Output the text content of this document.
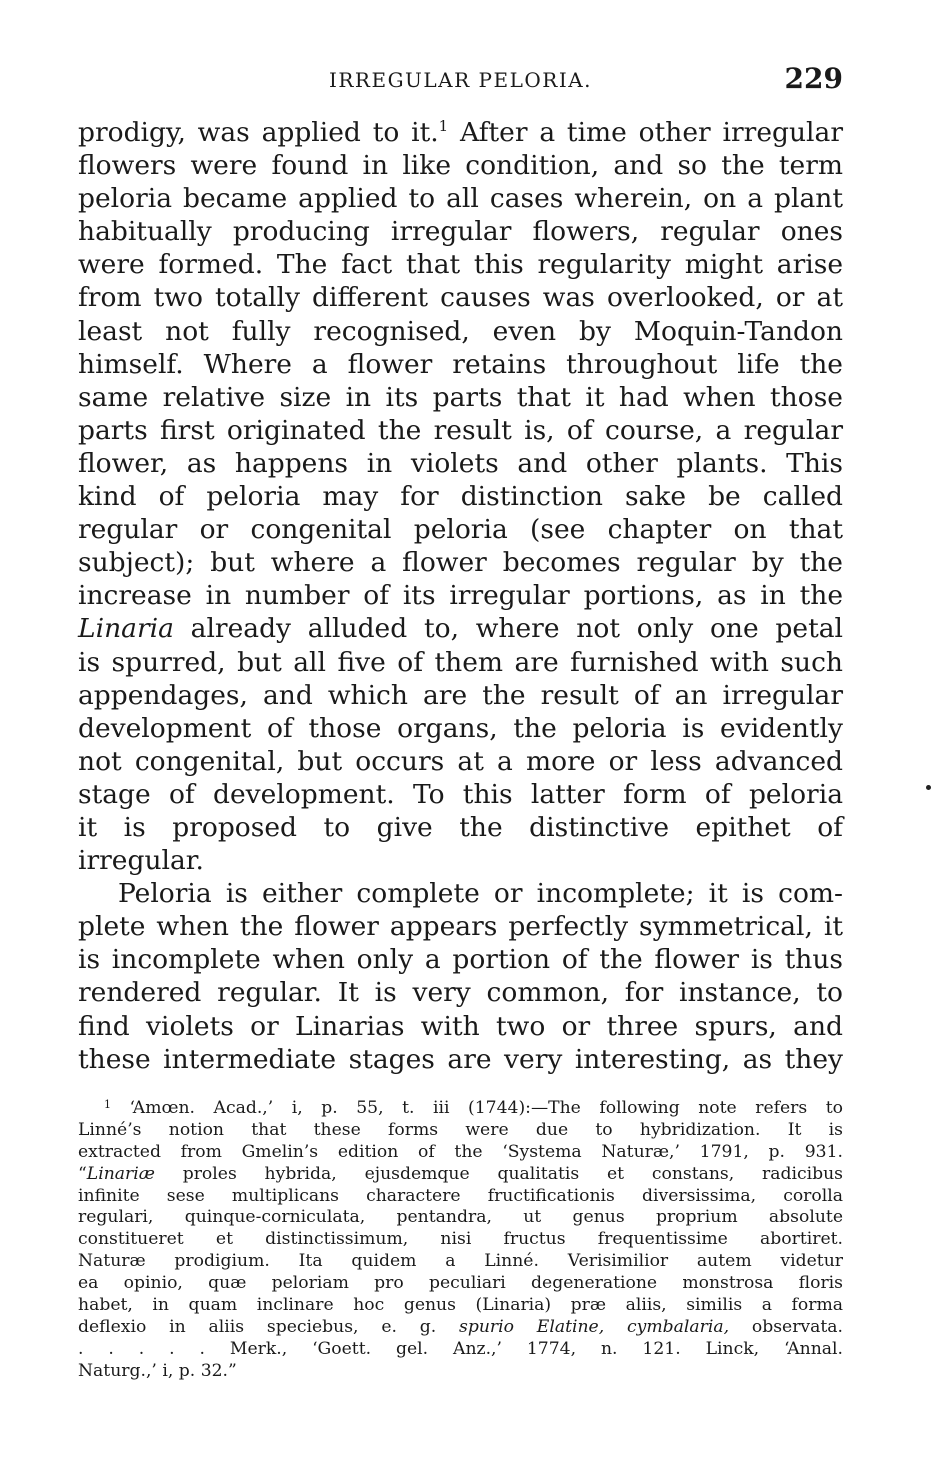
IRREGULAR PELORIA.	229
prodigy, was applied to it.$^1$ After a time other irregular
flowers were found in like condition, and so the term
peloria became applied to all cases wherein, on a plant
habitually producing irregular flowers, regular ones
were formed. The fact that this regularity might arise
from two totally different causes was overlooked, or at
least not fully recognised, even by Moquin-Tandon
himself. Where a flower retains throughout life the
same relative size in its parts that it had when those
parts first originated the result is, of course, a regular
flower, as happens in violets and other plants. This
kind of peloria may for distinction sake be called
regular or congenital peloria (see chapter on that
subject); but where a flower becomes regular by the
increase in number of its irregular portions, as in the
Linaria already alluded to, where not only one petal
is spurred, but all five of them are furnished with such
appendages, and which are the result of an irregular
development of those organs, the peloria is evidently
not congenital, but occurs at a more or less advanced
stage of development. To this latter form of peloria
it is proposed to give the distinctive epithet of
irregular.
Peloria is either complete or incomplete; it is com-
plete when the flower appears perfectly symmetrical, it
is incomplete when only a portion of the flower is thus
rendered regular. It is very common, for instance, to
find violets or Linarias with two or three spurs, and
these intermediate stages are very interesting, as they
$^1$ ‘Amœn. Acad.,’ i, p. 55, t. iii (1744):—The following note refers to
Linné’s notion that these forms were due to hybridization. It is
extracted from Gmelin’s edition of the ‘Systema Naturæ,’ 1791, p. 931.
“Linariæ proles hybrida, ejusdemque qualitatis et constans, radicibus
infinite sese multiplicans charactere fructificationis diversissima, corolla
regulari, quinque-corniculata, pentandra, ut genus proprium absolute
constitueret et distinctissimum, nisi fructus frequentissime abortiret.
Naturæ prodigium. Ita quidem a Linné. Verisimilior autem videtur
ea opinio, quæ peloriam pro peculiari degeneratione monstrosa floris
habet, in quam inclinare hoc genus (Linaria) præ aliis, similis a forma
deflexio in aliis speciebus, e. g. spurio Elatine, cymbalaria, observata.
. . . . . Merk., ‘Goett. gel. Anz.,’ 1774, n. 121. Linck, ‘Annal.
Naturg.,’ i, p. 32.”
